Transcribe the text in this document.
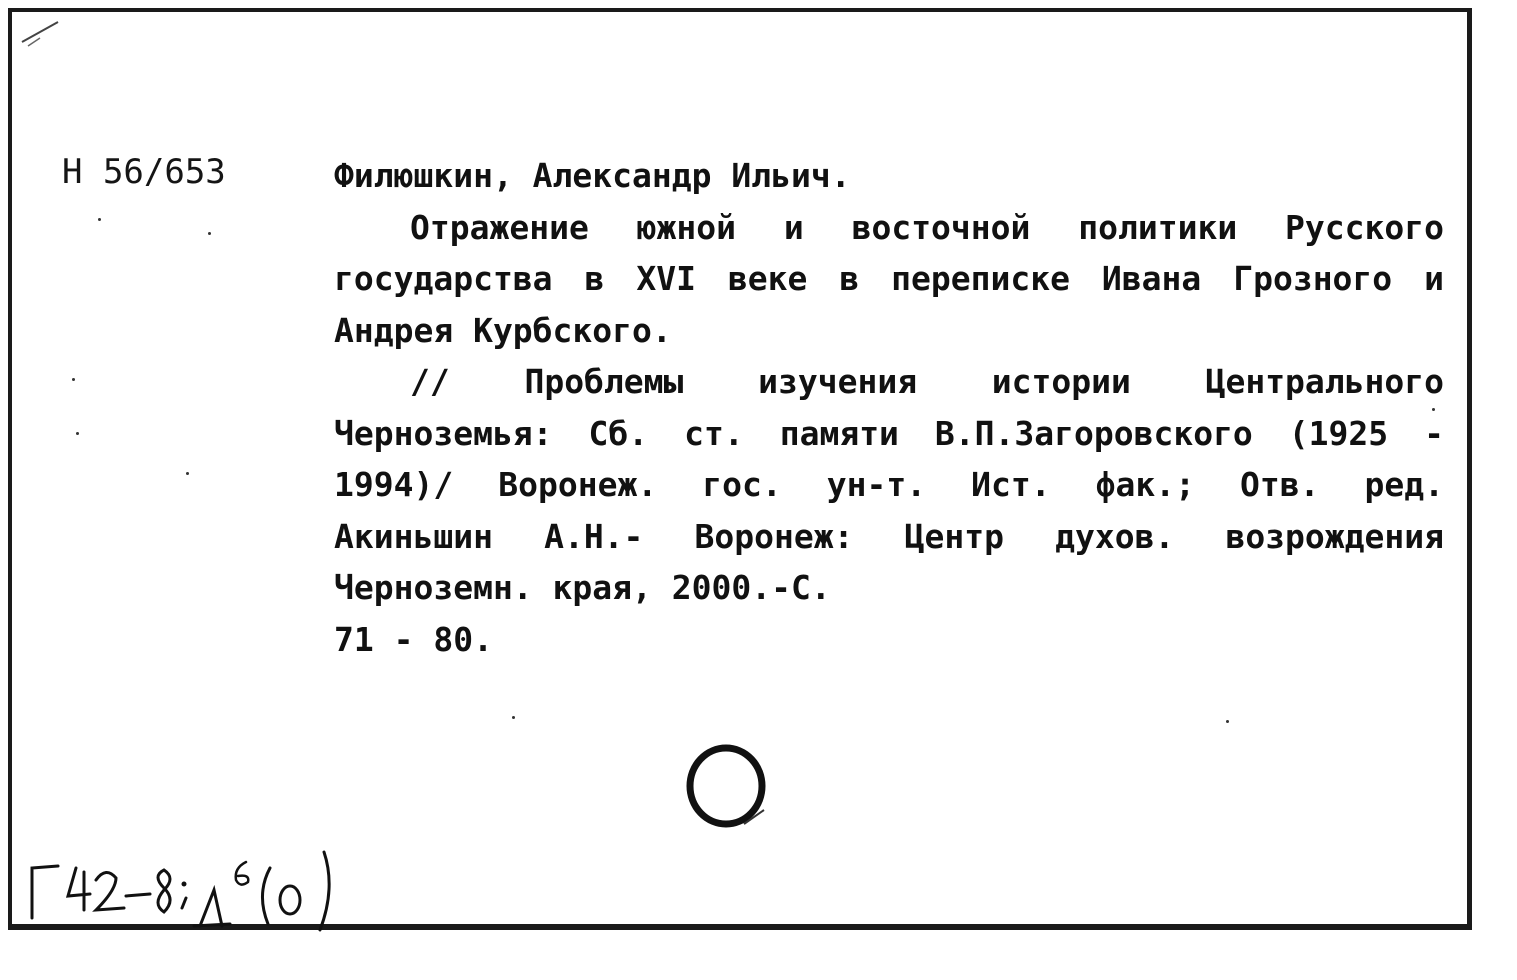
Н 56/653	Филюшкин, Александр Ильич.

Отражение южной и восточной политики Русского государства в XVI веке в переписке Ивана Грозного и Андрея Курбского.

// Проблемы изучения истории Центрального Черноземья: Сб. ст. памяти В.П.Загоровского (1925 - 1994)/ Воронеж. гос. ун-т. Ист. фак.; Отв. ред. Акиньшин А.Н.- Воронеж: Центр духов. возрождения Черноземн. края, 2000.-С.

71 - 80.
